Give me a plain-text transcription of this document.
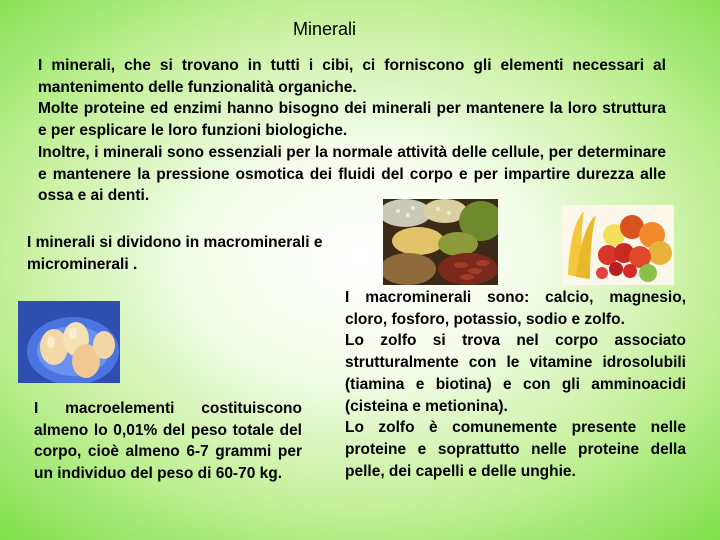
Minerali
I minerali, che si trovano in tutti i cibi, ci forniscono gli elementi necessari al mantenimento delle funzionalità organiche.
Molte proteine ed enzimi hanno bisogno dei minerali per mantenere la loro struttura e per esplicare le loro funzioni biologiche.
Inoltre, i minerali sono essenziali per la normale attività delle cellule, per determinare e mantenere la pressione osmotica dei fluidi del corpo e per impartire durezza alle ossa e ai denti.
I minerali si dividono in macrominerali e microminerali .
I macroelementi costituiscono almeno lo 0,01% del peso totale del corpo, cioè almeno 6-7 grammi per un individuo del peso di 60-70 kg.
I macrominerali sono: calcio, magnesio, cloro, fosforo, potassio, sodio e zolfo.
Lo zolfo si trova nel corpo associato strutturalmente con le vitamine idrosolubili (tiamina e biotina) e con gli amminoacidi (cisteina e metionina).
Lo zolfo è comunemente presente nelle proteine e soprattutto nelle proteine della pelle, dei capelli e delle unghie.
